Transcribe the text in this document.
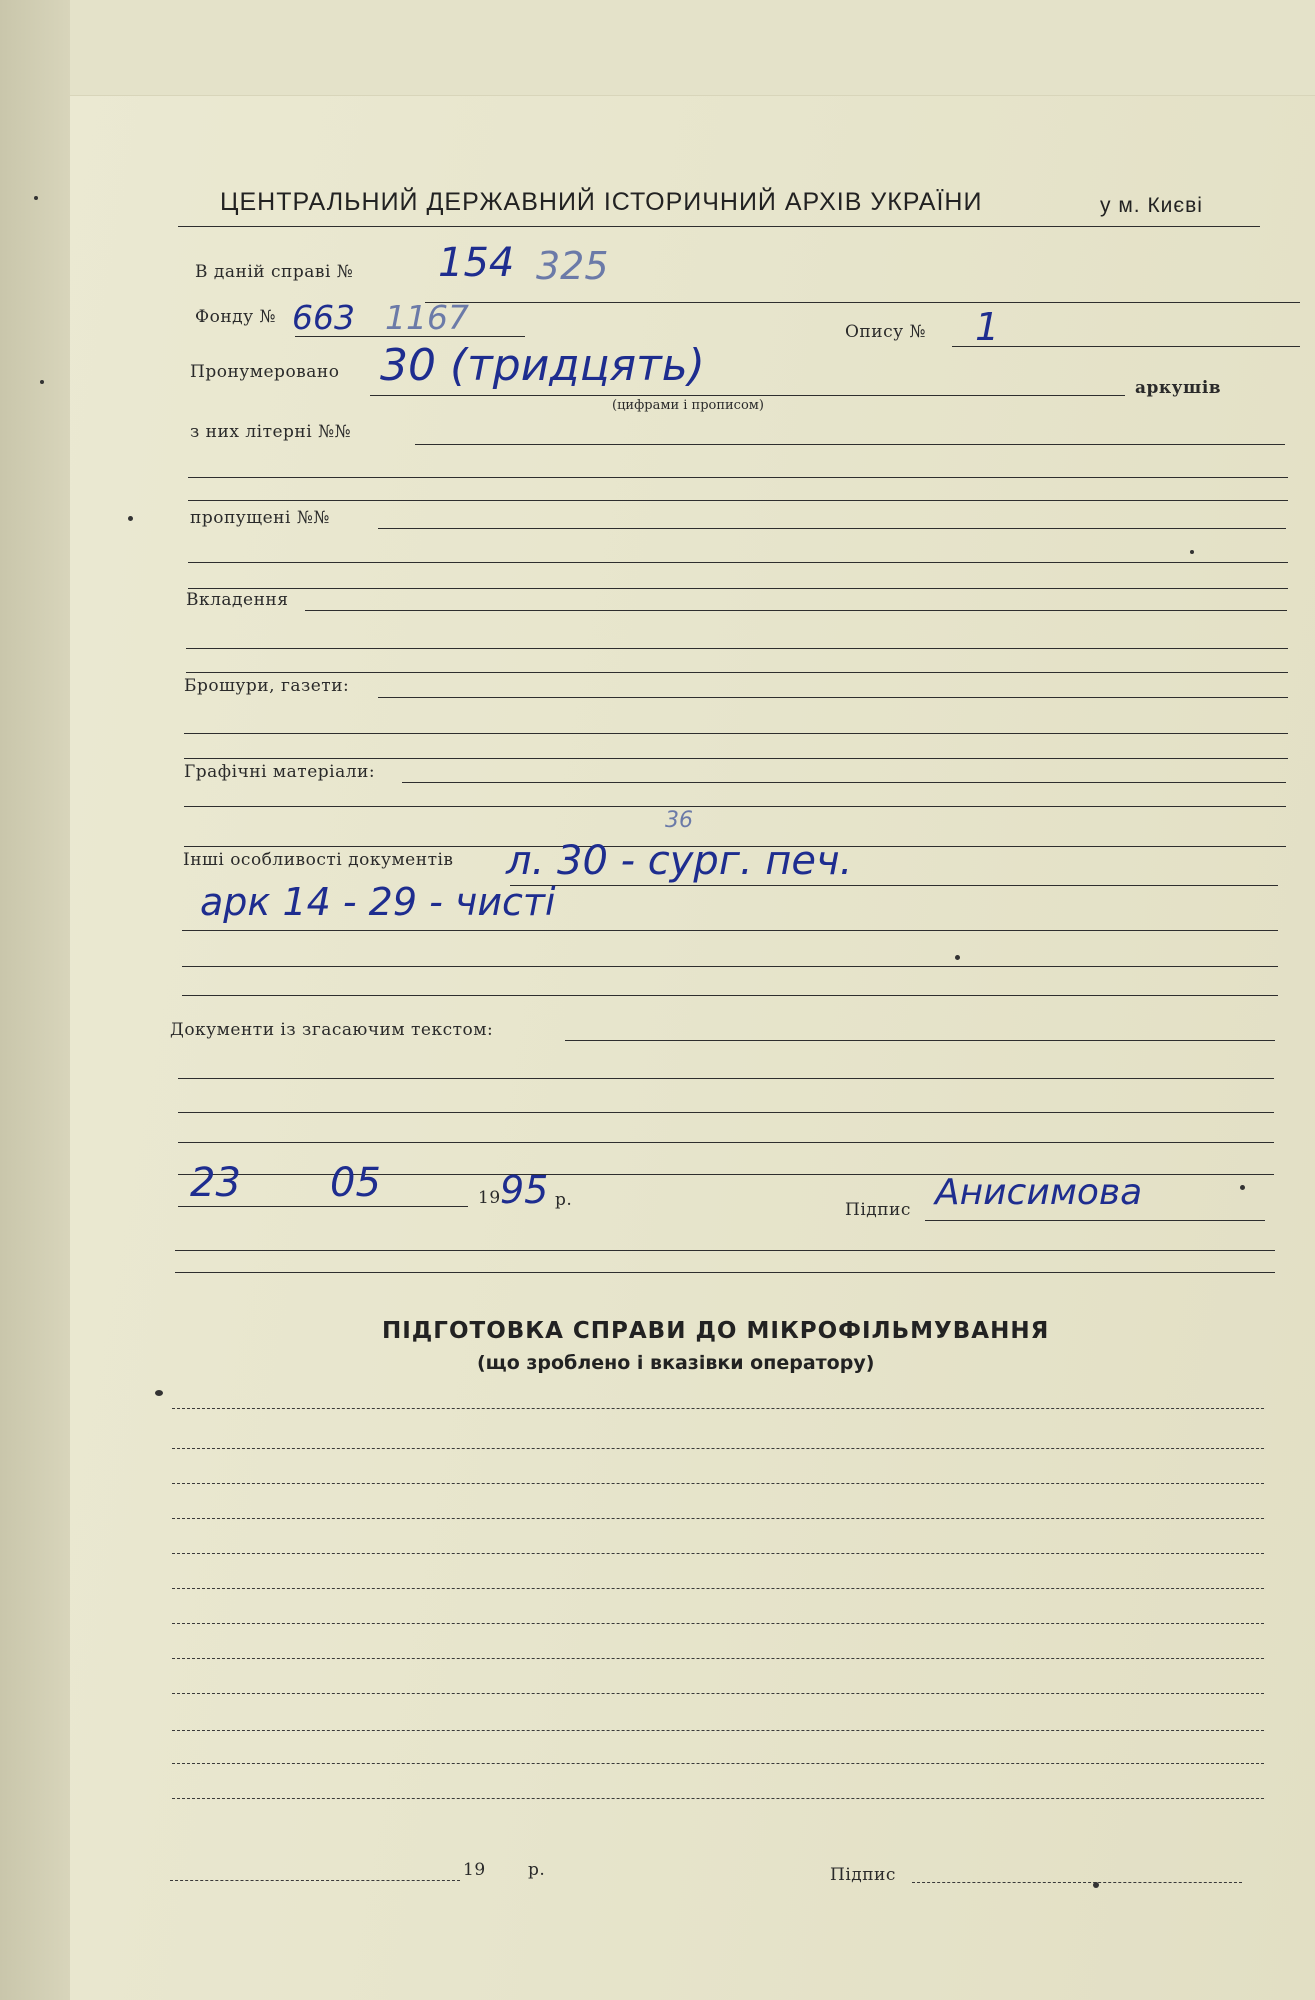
ЦЕНТРАЛЬНИЙ ДЕРЖАВНИЙ ІСТОРИЧНИЙ АРХІВ УКРАЇНИ	у м. Києві
В даній справі № 154 325
Фонду № 663 1167	Опису № 1
Пронумеровано 30 (тридцять)
(цифрами і прописом)
аркушів
з них літерні №№
пропущені №№
Вкладення
Брошури, газети:
Графічні матеріали:
Інші особливості документів л. 30 - сург. печ.
36
арк 14 - 29 - чисті
Документи із згасаючим текстом:
23 05	19 95 р.	Підпис Анисимова
ПІДГОТОВКА СПРАВИ ДО МІКРОФІЛЬМУВАННЯ
(що зроблено і вказівки оператору)
19 р.	Підпис
